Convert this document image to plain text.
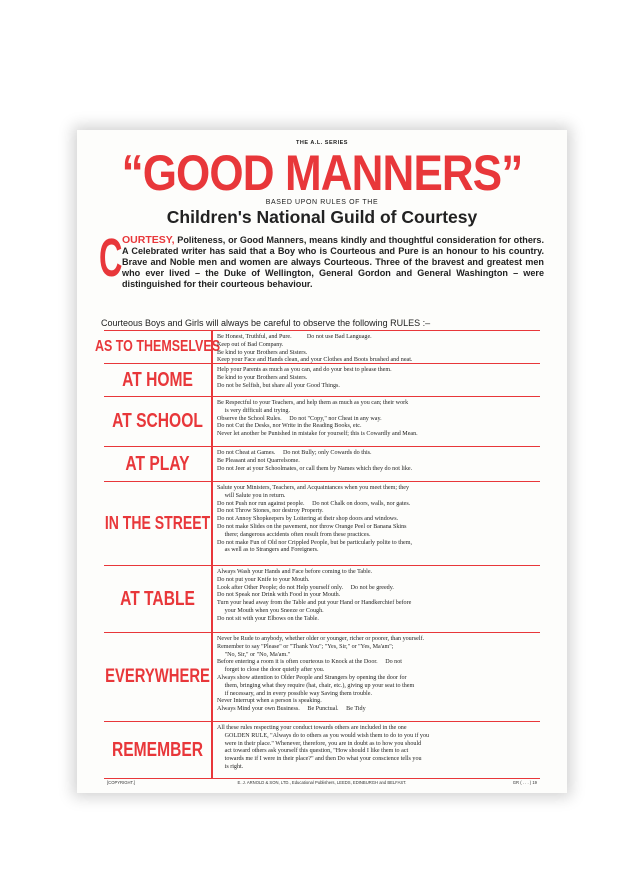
THE A.L. SERIES
“GOOD MANNERS”
BASED UPON RULES OF THE
Children's National Guild of Courtesy
C OURTESY, Politeness, or Good Manners, means kindly and thoughtful consideration for others. A Celebrated writer has said that a Boy who is Courteous and Pure is an honour to his country. Brave and Noble men and women are always Courteous. Three of the bravest and greatest men who ever lived – the Duke of Wellington, General Gordon and General Washington – were distinguished for their courteous behaviour.
Courteous Boys and Girls will always be careful to observe the following RULES :–
AS TO THEMSELVES
Be Honest, Truthful, and Pure.          Do not use Bad Language.
Keep out of Bad Company.
Be kind to your Brothers and Sisters.
Keep your Face and Hands clean, and your Clothes and Boots brushed and neat.
AT HOME	Help your Parents as much as you can, and do your best to please them.
Be kind to your Brothers and Sisters.
Do not be Selfish, but share all your Good Things.
AT SCHOOL
Be Respectful to your Teachers, and help them as much as you can; their work
is very difficult and trying.
Observe the School Rules.     Do not "Copy," nor Cheat in any way.
Do not Cut the Desks, nor Write in the Reading Books, etc.
Never let another be Punished in mistake for yourself; this is Cowardly and Mean.
AT PLAY	Do not Cheat at Games.     Do not Bully; only Cowards do this.
Be Pleasant and not Quarrelsome.
Do not Jeer at your Schoolmates, or call them by Names which they do not like.
IN THE STREET
Salute your Ministers, Teachers, and Acquaintances when you meet them; they
will Salute you in return.
Do not Push nor run against people.     Do not Chalk on doors, walls, nor gates.
Do not Throw Stones, nor destroy Property.
Do not Annoy Shopkeepers by Loitering at their shop doors and windows.
Do not make Slides on the pavement, nor throw Orange Peel or Banana Skins
there; dangerous accidents often result from these practices.
Do not make Fun of Old nor Crippled People, but be particularly polite to them,
as well as to Strangers and Foreigners.
AT TABLE
Always Wash your Hands and Face before coming to the Table.
Do not put your Knife to your Mouth.
Look after Other People; do not Help yourself only.     Do not be greedy.
Do not Speak nor Drink with Food in your Mouth.
Turn your head away from the Table and put your Hand or Handkerchief before
your Mouth when you Sneeze or Cough.
Do not sit with your Elbows on the Table.
EVERYWHERE
Never be Rude to anybody, whether older or younger, richer or poorer, than yourself.
Remember to say "Please" or "Thank You"; "Yes, Sir," or "Yes, Ma'am";
"No, Sir," or "No, Ma'am."
Before entering a room it is often courteous to Knock at the Door.     Do not
forget to close the door quietly after you.
Always show attention to Older People and Strangers by opening the door for
them, bringing what they require (hat, chair, etc.), giving up your seat to them
if necessary, and in every possible way Saving them trouble.
Never Interrupt when a person is speaking.
Always Mind your own Business.     Be Punctual.     Be Tidy
REMEMBER
All these rules respecting your conduct towards others are included in the one
GOLDEN RULE, "Always do to others as you would wish them to do to you if you
were in their place." Whenever, therefore, you are in doubt as to how you should
act toward others ask yourself this question, "How should I like them to act
towards me if I were in their place?" and then Do what your conscience tells you
is right.
[COPYRIGHT.]	E. J. ARNOLD & SON, LTD., Educational Publishers, LEEDS, EDINBURGH and BELFAST.	GR ( . . . ) 19
